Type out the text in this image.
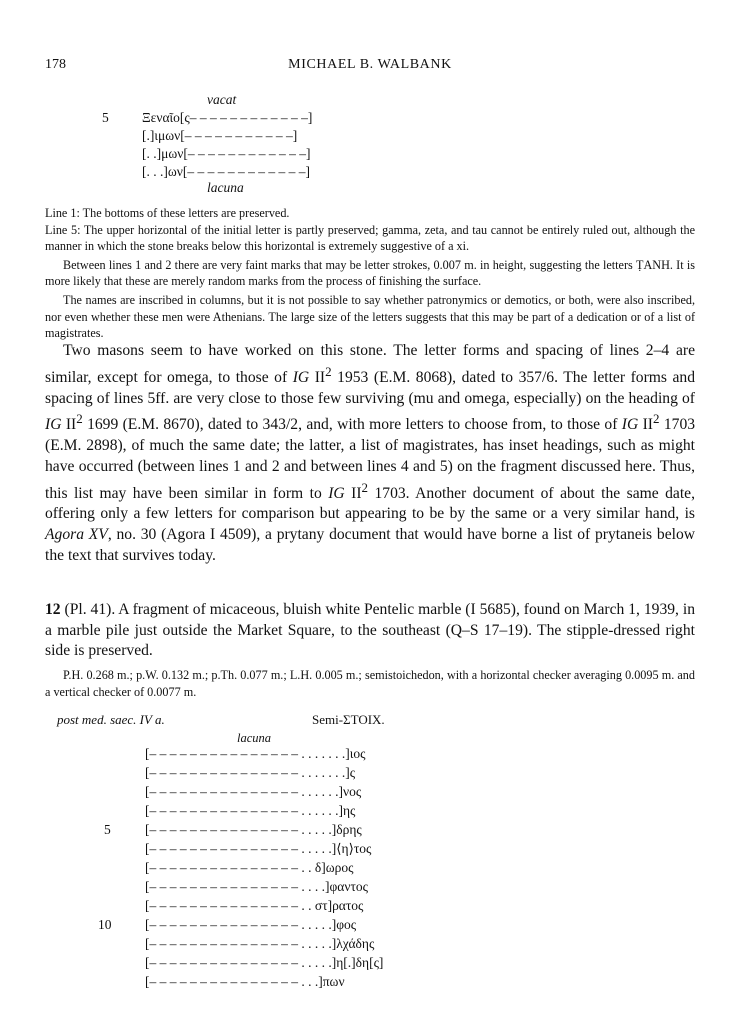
178	MICHAEL B. WALBANK
vacat
5 Ξεναῖο[ς– – – – – – – – – – – –]
[.]ιμων[– – – – – – – – – – –]
[. .]μων[– – – – – – – – – – – –]
[. . .]ων[– – – – – – – – – – – –]
lacuna

Line 1: The bottoms of these letters are preserved.

Line 5: The upper horizontal of the initial letter is partly preserved; gamma, zeta, and tau cannot be entirely ruled out, although the manner in which the stone breaks below this horizontal is extremely suggestive of a xi.

Between lines 1 and 2 there are very faint marks that may be letter strokes, 0.007 m. in height, suggesting the letters ṬANH. It is more likely that these are merely random marks from the process of finishing the surface.

The names are inscribed in columns, but it is not possible to say whether patronymics or demotics, or both, were also inscribed, nor even whether these men were Athenians. The large size of the letters suggests that this may be part of a dedication or of a list of magistrates.

Two masons seem to have worked on this stone. The letter forms and spacing of lines 2–4 are similar, except for omega, to those of IG $II^2$ 1953 (E.M. 8068), dated to 357/6. The letter forms and spacing of lines 5ff. are very close to those few surviving (mu and omega, especially) on the heading of IG $II^2$ 1699 (E.M. 8670), dated to 343/2, and, with more letters to choose from, to those of IG $II^2$ 1703 (E.M. 2898), of much the same date; the latter, a list of magistrates, has inset headings, such as might have occurred (between lines 1 and 2 and between lines 4 and 5) on the fragment discussed here. Thus, this list may have been similar in form to IG $II^2$ 1703. Another document of about the same date, offering only a few letters for comparison but appearing to be by the same or a very similar hand, is Agora XV, no. 30 (Agora I 4509), a prytany document that would have borne a list of prytaneis below the text that survives today.

12 (Pl. 41). A fragment of micaceous, bluish white Pentelic marble (I 5685), found on March 1, 1939, in a marble pile just outside the Market Square, to the southeast (Q–S 17–19). The stipple-dressed right side is preserved.

P.H. 0.268 m.; p.W. 0.132 m.; p.Th. 0.077 m.; L.H. 0.005 m.; semistoichedon, with a horizontal checker averaging 0.0095 m. and a vertical checker of 0.0077 m.

post med. saec. IV a.	Semi-ΣΤΟΙΧ.
lacuna
[– – – – – – – – – – – – – – – . . . . . . .]ιος
[– – – – – – – – – – – – – – – . . . . . . .]ς
[– – – – – – – – – – – – – – – . . . . . .]νος
[– – – – – – – – – – – – – – – . . . . . .]ης
5	[– – – – – – – – – – – – – – – . . . . .]δρης
[– – – – – – – – – – – – – – – . . . . .]⟨η⟩τος
[– – – – – – – – – – – – – – – . . δ]ωρος
[– – – – – – – – – – – – – – – . . . .]φαντος
[– – – – – – – – – – – – – – – . . στ]ρατος
10 [– – – – – – – – – – – – – – – . . . . .]φος
[– – – – – – – – – – – – – – – . . . . .]λχάδης
[– – – – – – – – – – – – – – – . . . . .]η[.]δη[ς]
[– – – – – – – – – – – – – – – . . .]πων
